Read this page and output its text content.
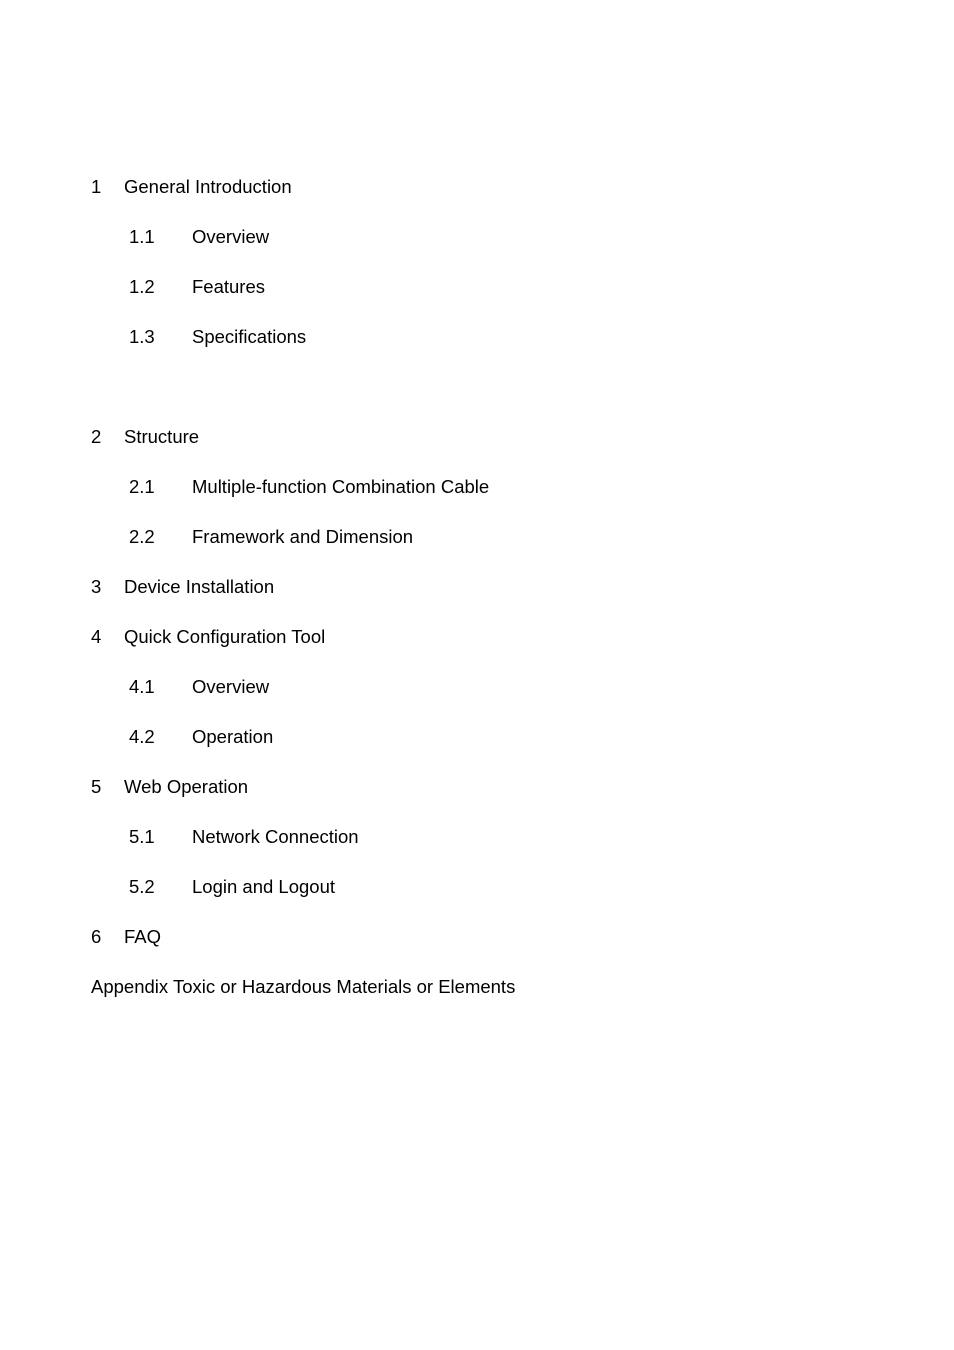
1 General Introduction
1.1 Overview
1.2 Features
1.3 Specifications
2 Structure
2.1 Multiple-function Combination Cable
2.2 Framework and Dimension
3 Device Installation
4 Quick Configuration Tool
4.1 Overview
4.2 Operation
5 Web Operation
5.1 Network Connection
5.2 Login and Logout
6 FAQ
Appendix Toxic or Hazardous Materials or Elements
